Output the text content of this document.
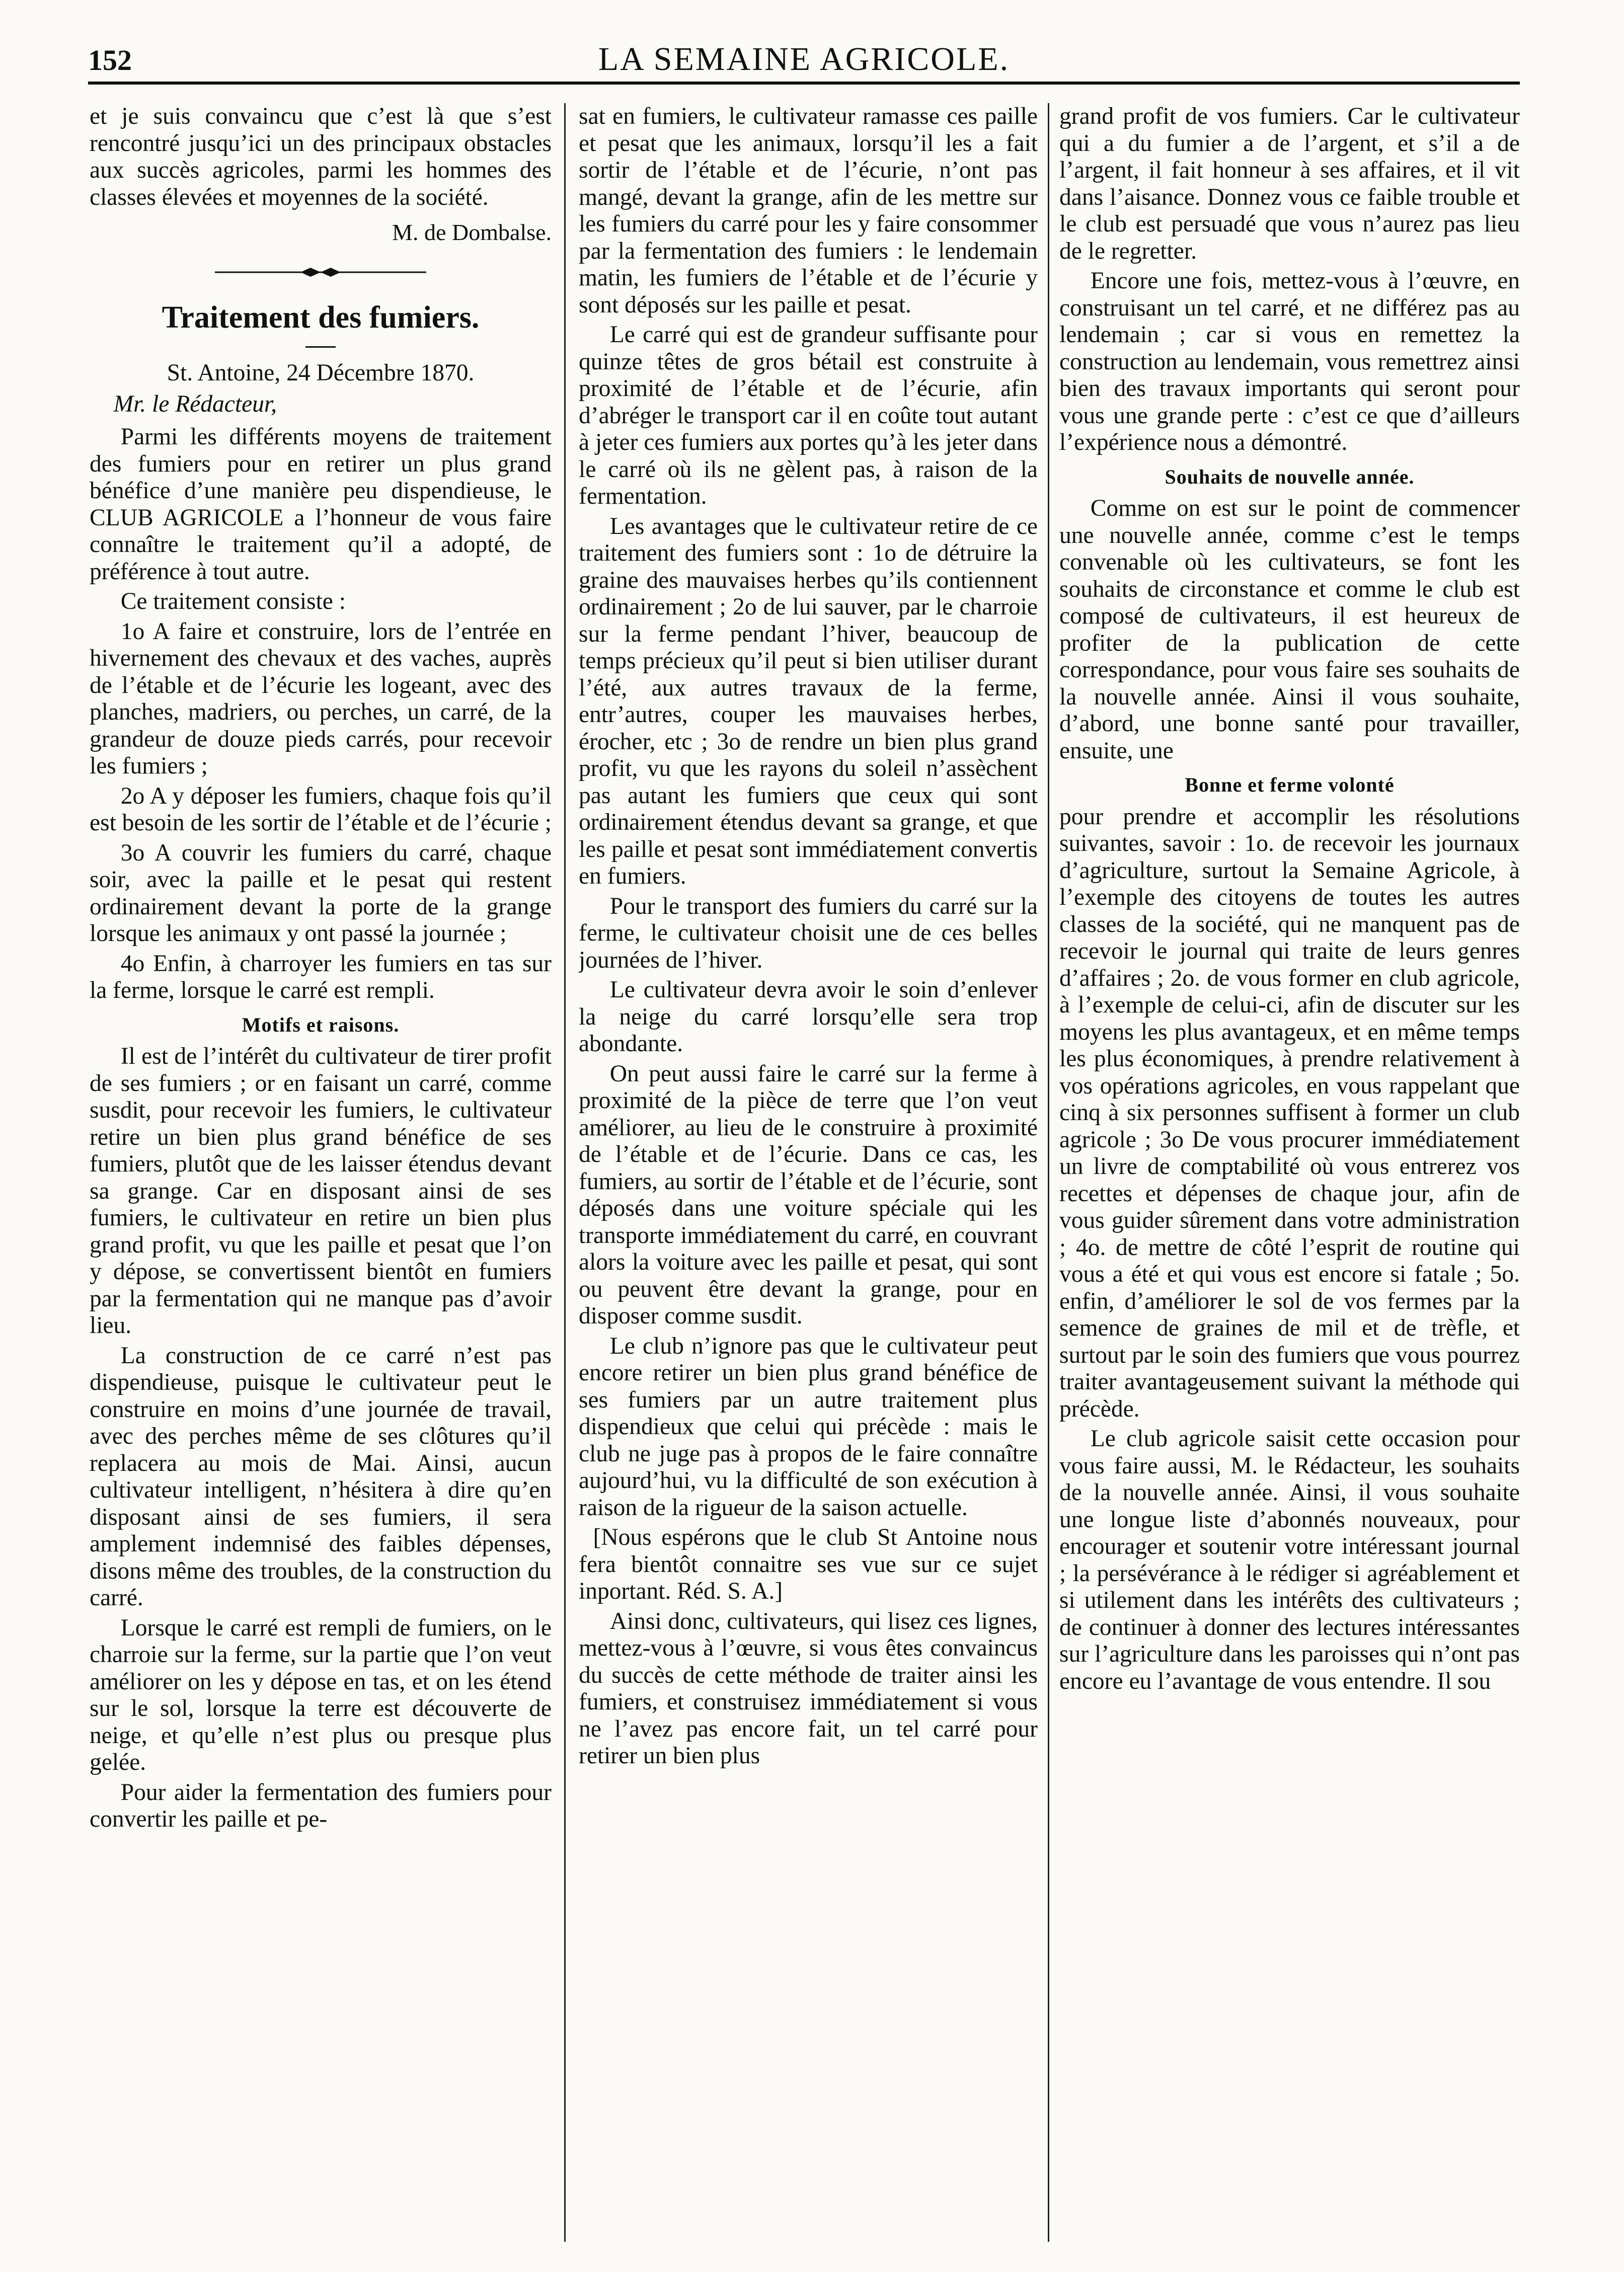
152	LA SEMAINE AGRICOLE.

et je suis convaincu que c’est là que s’est rencontré jusqu’ici un des principaux obstacles aux succès agricoles, parmi les hommes des classes élevées et moyennes de la société.

M. de Dombalse.
Traitement des fumiers.
St. Antoine, 24 Décembre 1870.
Mr. le Rédacteur,

Parmi les différents moyens de traitement des fumiers pour en retirer un plus grand bénéfice d’une manière peu dispendieuse, le CLUB AGRICOLE a l’honneur de vous faire connaître le traitement qu’il a adopté, de préférence à tout autre.

Ce traitement consiste :

1o A faire et construire, lors de l’entrée en hivernement des chevaux et des vaches, auprès de l’étable et de l’écurie les logeant, avec des planches, madriers, ou perches, un carré, de la grandeur de douze pieds carrés, pour recevoir les fumiers ;

2o A y déposer les fumiers, chaque fois qu’il est besoin de les sortir de l’étable et de l’écurie ;

3o A couvrir les fumiers du carré, chaque soir, avec la paille et le pesat qui restent ordinairement devant la porte de la grange lorsque les animaux y ont passé la journée ;

4o Enfin, à charroyer les fumiers en tas sur la ferme, lorsque le carré est rempli.

Motifs et raisons.

Il est de l’intérêt du cultivateur de tirer profit de ses fumiers ; or en faisant un carré, comme susdit, pour recevoir les fumiers, le cultivateur retire un bien plus grand bénéfice de ses fumiers, plutôt que de les laisser étendus devant sa grange. Car en disposant ainsi de ses fumiers, le cultivateur en retire un bien plus grand profit, vu que les paille et pesat que l’on y dépose, se convertissent bientôt en fumiers par la fermentation qui ne manque pas d’avoir lieu.

La construction de ce carré n’est pas dispendieuse, puisque le cultivateur peut le construire en moins d’une journée de travail, avec des perches même de ses clôtures qu’il replacera au mois de Mai. Ainsi, aucun cultivateur intelligent, n’hésitera à dire qu’en disposant ainsi de ses fumiers, il sera amplement indemnisé des faibles dépenses, disons même des troubles, de la construction du carré.

Lorsque le carré est rempli de fumiers, on le charroie sur la ferme, sur la partie que l’on veut améliorer on les y dépose en tas, et on les étend sur le sol, lorsque la terre est découverte de neige, et qu’elle n’est plus ou presque plus gelée.

Pour aider la fermentation des fumiers pour convertir les paille et pe-

sat en fumiers, le cultivateur ramasse ces paille et pesat que les animaux, lorsqu’il les a fait sortir de l’étable et de l’écurie, n’ont pas mangé, devant la grange, afin de les mettre sur les fumiers du carré pour les y faire consommer par la fermentation des fumiers : le lendemain matin, les fumiers de l’étable et de l’écurie y sont déposés sur les paille et pesat.

Le carré qui est de grandeur suffisante pour quinze têtes de gros bétail est construite à proximité de l’étable et de l’écurie, afin d’abréger le transport car il en coûte tout autant à jeter ces fumiers aux portes qu’à les jeter dans le carré où ils ne gèlent pas, à raison de la fermentation.

Les avantages que le cultivateur retire de ce traitement des fumiers sont : 1o de détruire la graine des mauvaises herbes qu’ils contiennent ordinairement ; 2o de lui sauver, par le charroie sur la ferme pendant l’hiver, beaucoup de temps précieux qu’il peut si bien utiliser durant l’été, aux autres travaux de la ferme, entr’autres, couper les mauvaises herbes, érocher, etc ; 3o de rendre un bien plus grand profit, vu que les rayons du soleil n’assèchent pas autant les fumiers que ceux qui sont ordinairement étendus devant sa grange, et que les paille et pesat sont immédiatement convertis en fumiers.

Pour le transport des fumiers du carré sur la ferme, le cultivateur choisit une de ces belles journées de l’hiver.

Le cultivateur devra avoir le soin d’enlever la neige du carré lorsqu’elle sera trop abondante.

On peut aussi faire le carré sur la ferme à proximité de la pièce de terre que l’on veut améliorer, au lieu de le construire à proximité de l’étable et de l’écurie. Dans ce cas, les fumiers, au sortir de l’étable et de l’écurie, sont déposés dans une voiture spéciale qui les transporte immédiatement du carré, en couvrant alors la voiture avec les paille et pesat, qui sont ou peuvent être devant la grange, pour en disposer comme susdit.

Le club n’ignore pas que le cultivateur peut encore retirer un bien plus grand bénéfice de ses fumiers par un autre traitement plus dispendieux que celui qui précède : mais le club ne juge pas à propos de le faire connaître aujourd’hui, vu la difficulté de son exécution à raison de la rigueur de la saison actuelle.

[Nous espérons que le club St Antoine nous fera bientôt connaitre ses vue sur ce sujet inportant. Réd. S. A.]

Ainsi donc, cultivateurs, qui lisez ces lignes, mettez-vous à l’œuvre, si vous êtes convaincus du succès de cette méthode de traiter ainsi les fumiers, et construisez immédiatement si vous ne l’avez pas encore fait, un tel carré pour retirer un bien plus

grand profit de vos fumiers. Car le cultivateur qui a du fumier a de l’argent, et s’il a de l’argent, il fait honneur à ses affaires, et il vit dans l’aisance. Donnez vous ce faible trouble et le club est persuadé que vous n’aurez pas lieu de le regretter.

Encore une fois, mettez-vous à l’œuvre, en construisant un tel carré, et ne différez pas au lendemain ; car si vous en remettez la construction au lendemain, vous remettrez ainsi bien des travaux importants qui seront pour vous une grande perte : c’est ce que d’ailleurs l’expérience nous a démontré.

Souhaits de nouvelle année.

Comme on est sur le point de commencer une nouvelle année, comme c’est le temps convenable où les cultivateurs, se font les souhaits de circonstance et comme le club est composé de cultivateurs, il est heureux de profiter de la publication de cette correspondance, pour vous faire ses souhaits de la nouvelle année. Ainsi il vous souhaite, d’abord, une bonne santé pour travailler, ensuite, une

Bonne et ferme volonté

pour prendre et accomplir les résolutions suivantes, savoir : 1o. de recevoir les journaux d’agriculture, surtout la Semaine Agricole, à l’exemple des citoyens de toutes les autres classes de la société, qui ne manquent pas de recevoir le journal qui traite de leurs genres d’affaires ; 2o. de vous former en club agricole, à l’exemple de celui-ci, afin de discuter sur les moyens les plus avantageux, et en même temps les plus économiques, à prendre relativement à vos opérations agricoles, en vous rappelant que cinq à six personnes suffisent à former un club agricole ; 3o De vous procurer immédiatement un livre de comptabilité où vous entrerez vos recettes et dépenses de chaque jour, afin de vous guider sûrement dans votre administration ; 4o. de mettre de côté l’esprit de routine qui vous a été et qui vous est encore si fatale ; 5o. enfin, d’améliorer le sol de vos fermes par la semence de graines de mil et de trèfle, et surtout par le soin des fumiers que vous pourrez traiter avantageusement suivant la méthode qui précède.

Le club agricole saisit cette occasion pour vous faire aussi, M. le Rédacteur, les souhaits de la nouvelle année. Ainsi, il vous souhaite une longue liste d’abonnés nouveaux, pour encourager et soutenir votre intéressant journal ; la persévérance à le rédiger si agréablement et si utilement dans les intérêts des cultivateurs ; de continuer à donner des lectures intéressantes sur l’agriculture dans les paroisses qui n’ont pas encore eu l’avantage de vous entendre. Il sou
